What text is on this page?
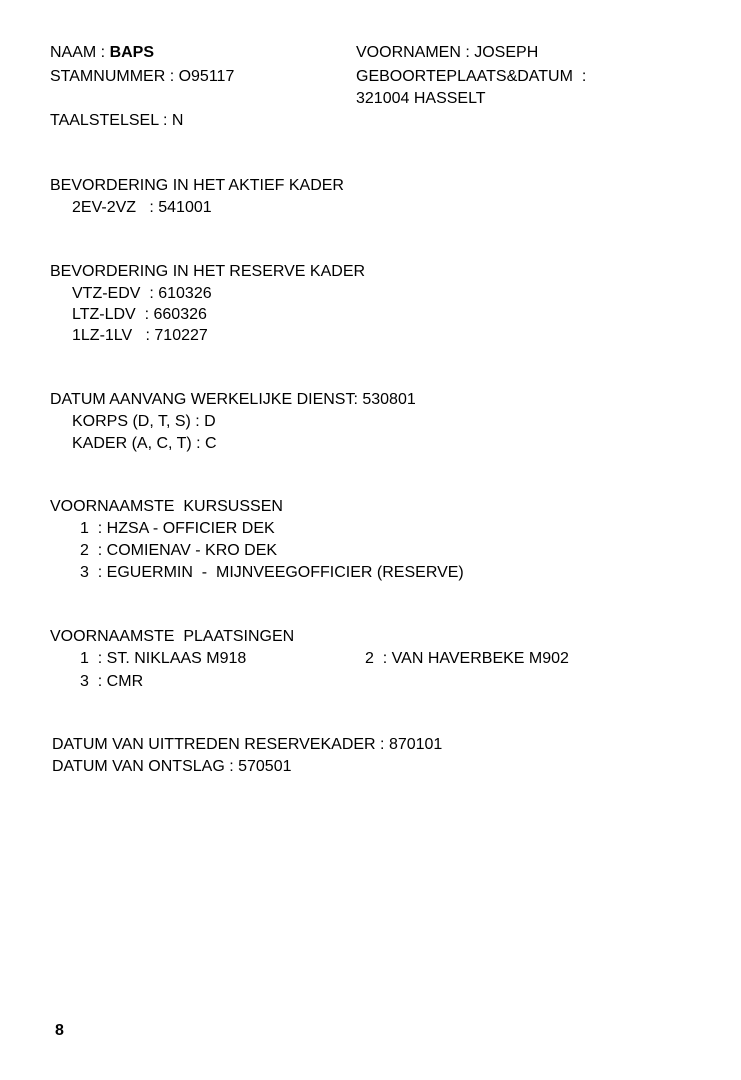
NAAM : BAPS
STAMNUMMER : O95117
TAALSTELSEL : N
VOORNAMEN : JOSEPH
GEBOORTEPLAATS&DATUM  :
321004 HASSELT
BEVORDERING IN HET AKTIEF KADER
2EV-2VZ   : 541001
BEVORDERING IN HET RESERVE KADER
VTZ-EDV  : 610326
LTZ-LDV  : 660326
1LZ-1LV   : 710227
DATUM AANVANG WERKELIJKE DIENST: 530801
KORPS (D, T, S) : D
KADER (A, C, T) : C
VOORNAAMSTE  KURSUSSEN
1  : HZSA - OFFICIER DEK
2  : COMIENAV - KRO DEK
3  : EGUERMIN  -  MIJNVEEGOFFICIER (RESERVE)
VOORNAAMSTE  PLAATSINGEN
1  : ST. NIKLAAS M918	2  : VAN HAVERBEKE M902
3  : CMR
DATUM VAN UITTREDEN RESERVEKADER : 870101
DATUM VAN ONTSLAG : 570501
8
